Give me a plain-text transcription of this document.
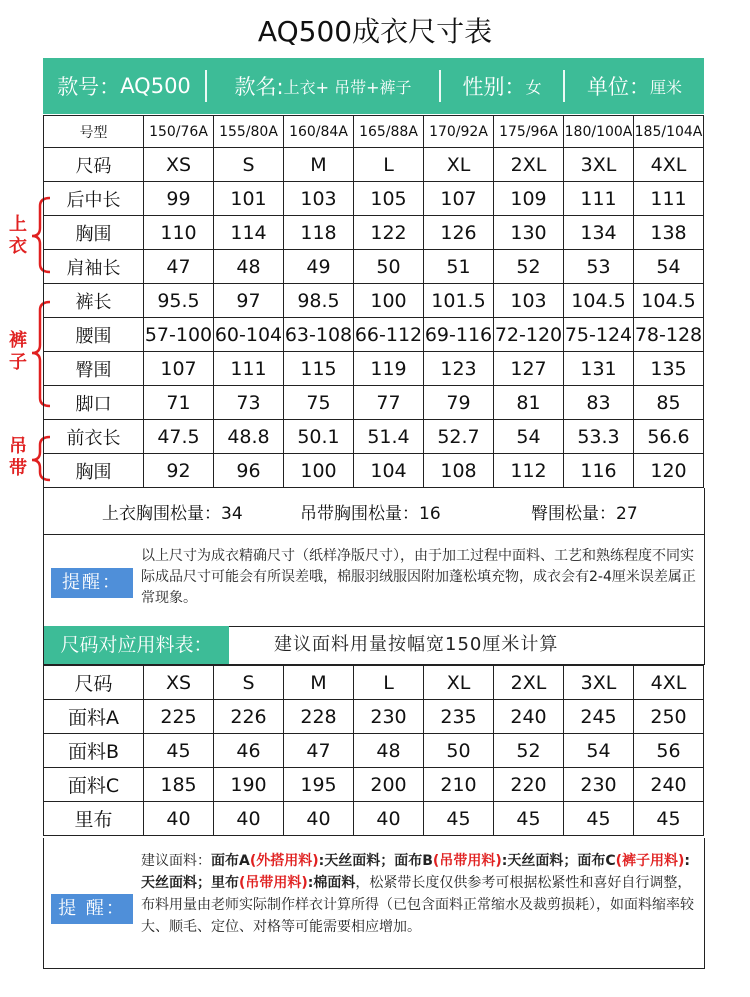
AQ500成衣尺寸表
款号： AQ500 款名: 上衣+ 吊带+裤子 性别： 女 单位： 厘米
上衣
裤子
吊带
号型	150/76A	155/80A	160/84A	165/88A	170/92A	175/96A	180/100A	185/104A
尺码	XS	S	M	L	XL	2XL	3XL	4XL
后中长	99	101	103	105	107	109	111	111
胸围	110	114	118	122	126	130	134	138
肩袖长	47	48	49	50	51	52	53	54
裤长	95.5	97	98.5	100	101.5	103	104.5	104.5
腰围	57-100	60-104	63-108	66-112	69-116	72-120	75-124	78-128
臀围	107	111	115	119	123	127	131	135
脚口	71	73	75	77	79	81	83	85
前衣长	47.5	48.8	50.1	51.4	52.7	54	53.3	56.6
胸围	92	96	100	104	108	112	116	120
上衣胸围松量：34	吊带胸围松量：16	臀围松量：27
提醒：
以上尺寸为成衣精确尺寸（纸样净版尺寸），由于加工过程中面料、工艺和熟练程度不同实际成品尺寸可能会有所误差哦，棉服羽绒服因附加蓬松填充物，成衣会有2-4厘米误差属正常现象。
尺码对应用料表：	建议面料用量按幅宽150厘米计算
尺码	XS	S	M	L	XL	2XL	3XL	4XL
面料A	225	226	228	230	235	240	245	250
面料B	45	46	47	48	50	52	54	56
面料C	185	190	195	200	210	220	230	240
里布	40	40	40	40	45	45	45	45
提 醒：
建议面料：面布A(外搭用料):天丝面料；面布B(吊带用料):天丝面料；面布C(裤子用料):天丝面料；里布(吊带用料):棉面料，松紧带长度仅供参考可根据松紧性和喜好自行调整，布料用量由老师实际制作样衣计算所得（已包含面料正常缩水及裁剪损耗），如面料缩率较大、顺毛、定位、对格等可能需要相应增加。
